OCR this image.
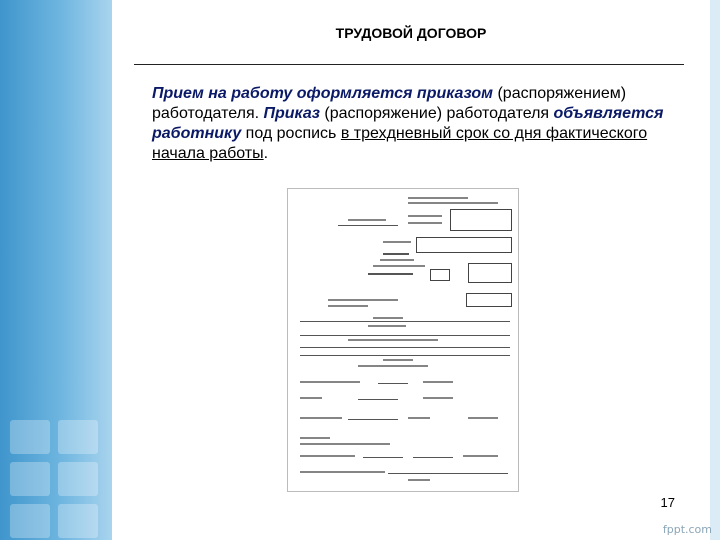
ТРУДОВОЙ ДОГОВОР
Прием на работу оформляется приказом (распоряжением) работодателя. Приказ (распоряжение) работодателя объявляется работнику под роспись в трехдневный срок со дня фактического начала работы.
17
fppt.com
